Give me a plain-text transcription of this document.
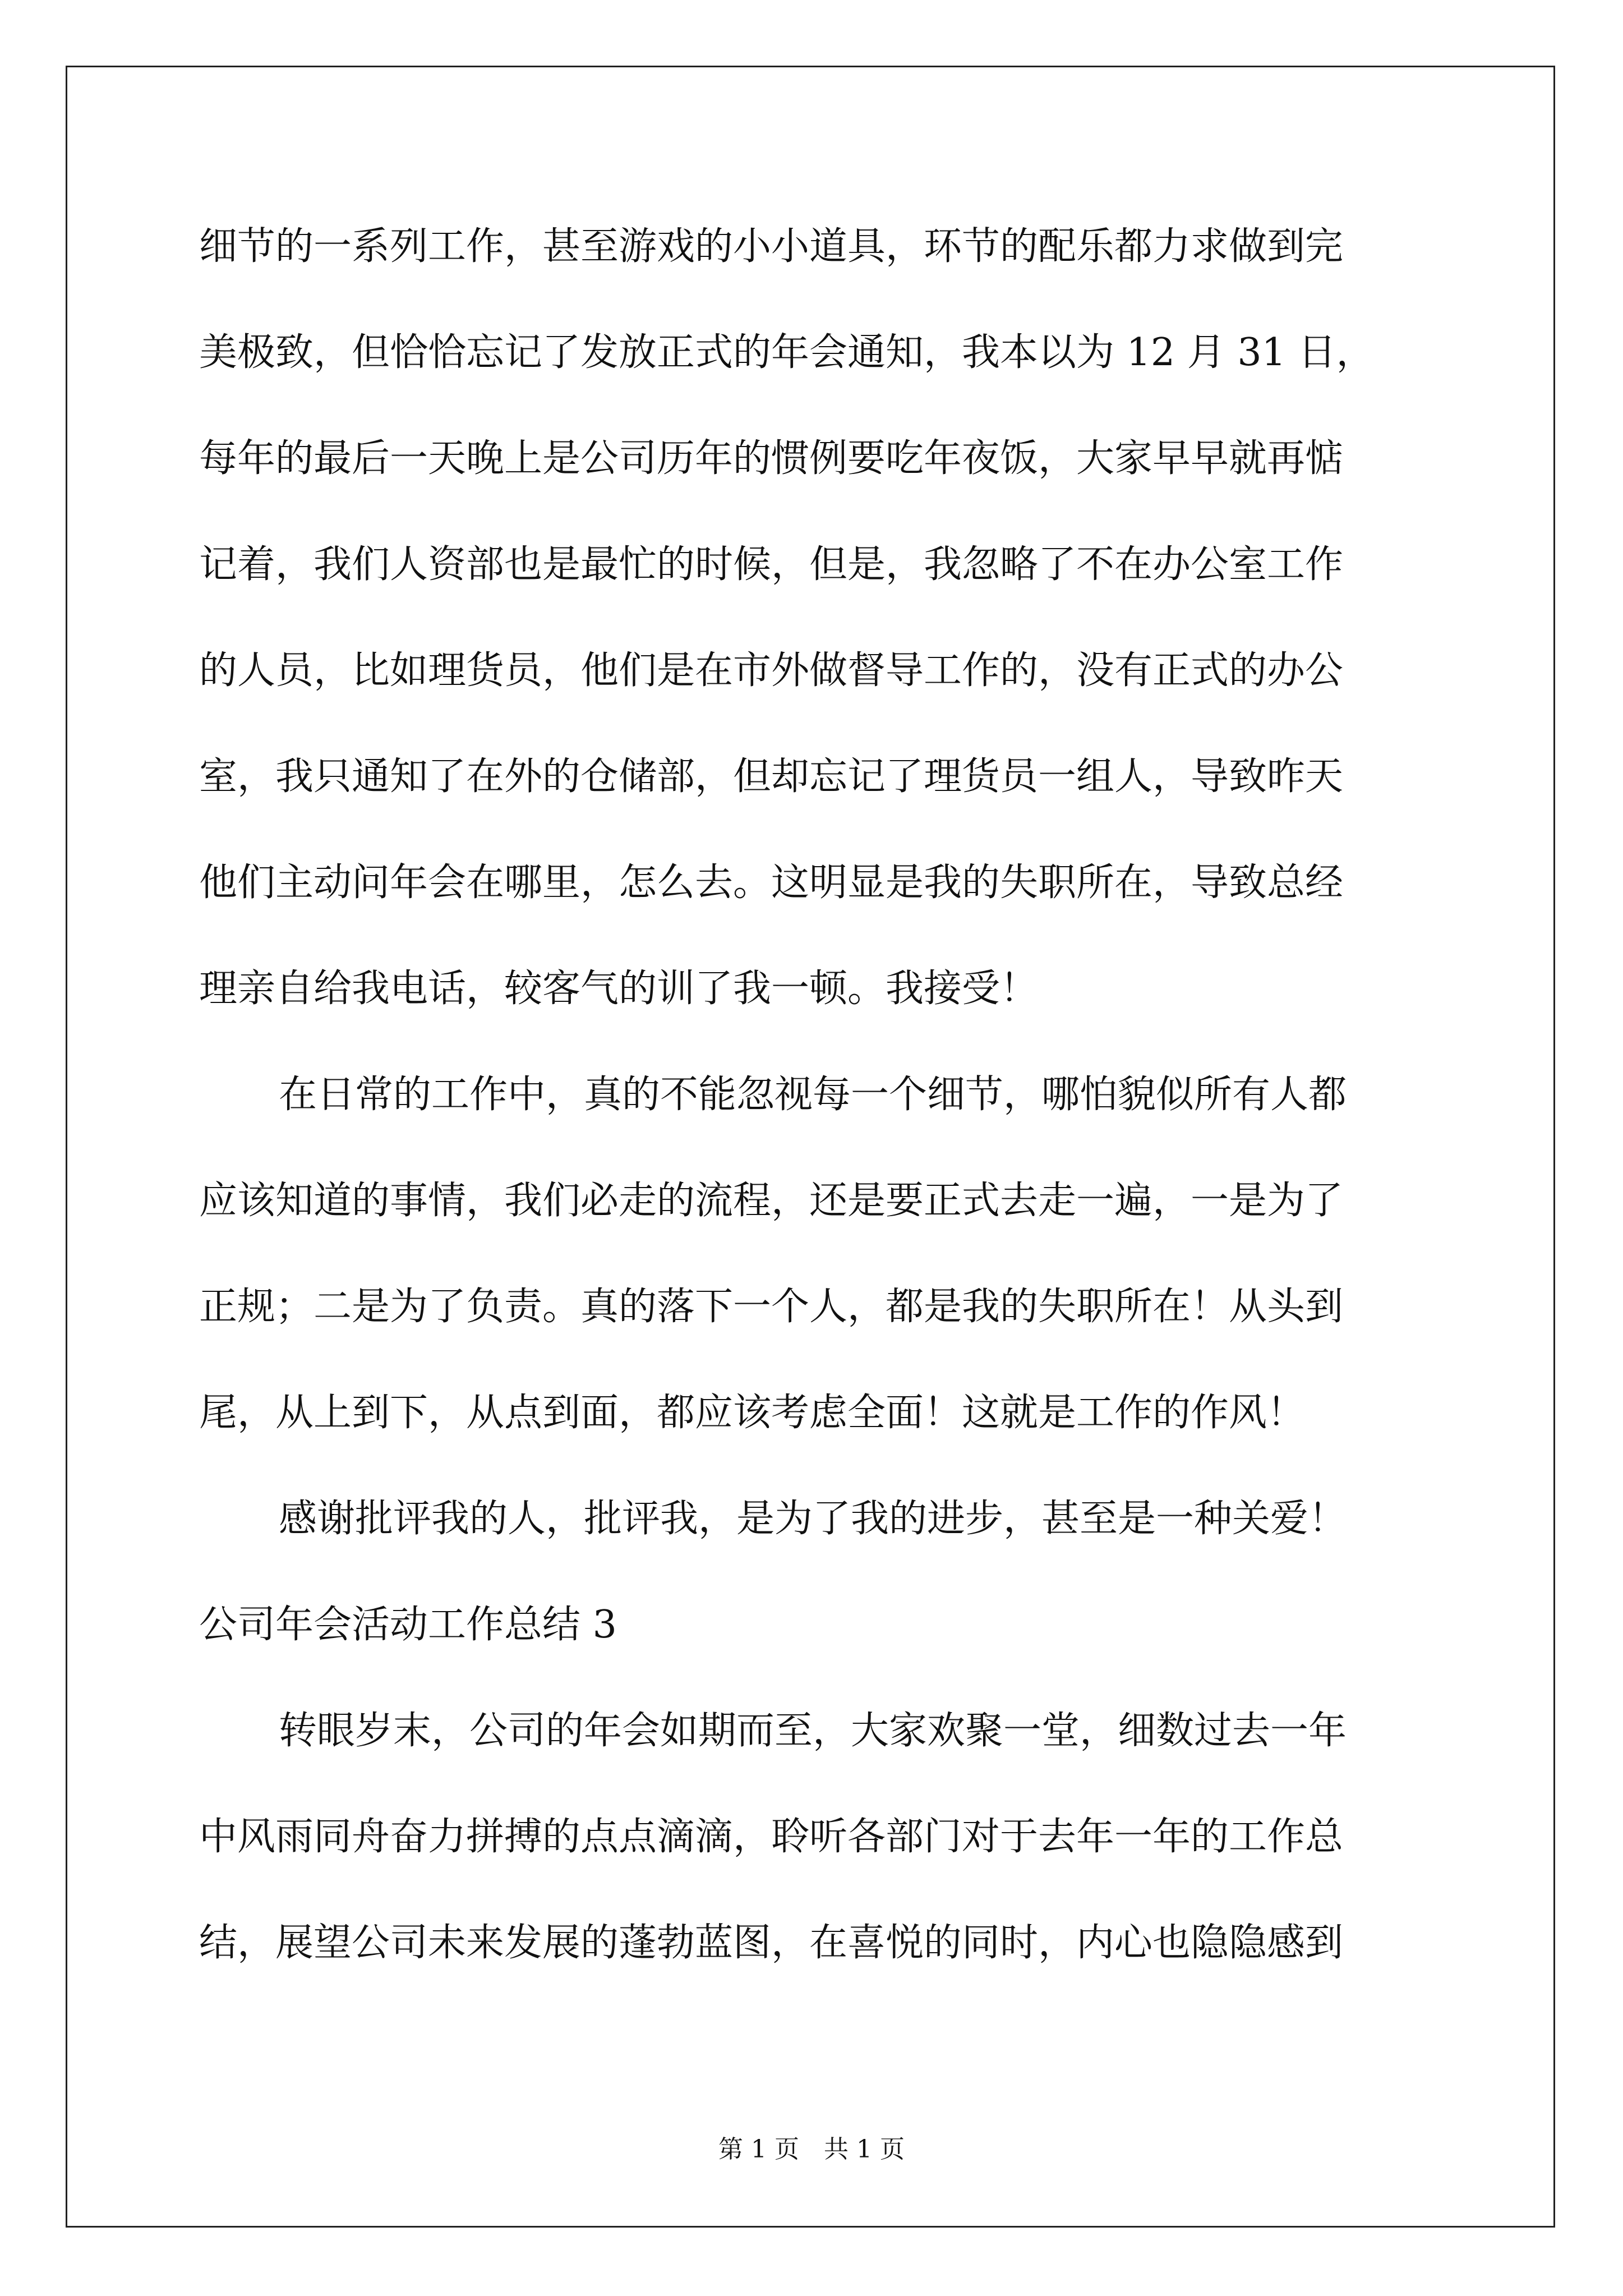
细节的一系列工作，甚至游戏的小小道具，环节的配乐都力求做到完
美极致，但恰恰忘记了发放正式的年会通知，我本以为 12 月 31 日，
每年的最后一天晚上是公司历年的惯例要吃年夜饭，大家早早就再惦
记着，我们人资部也是最忙的时候，但是，我忽略了不在办公室工作
的人员，比如理货员，他们是在市外做督导工作的，没有正式的办公
室，我只通知了在外的仓储部，但却忘记了理货员一组人，导致昨天
他们主动问年会在哪里，怎么去。这明显是我的失职所在，导致总经
理亲自给我电话，较客气的训了我一顿。我接受！
在日常的工作中，真的不能忽视每一个细节，哪怕貌似所有人都
应该知道的事情，我们必走的流程，还是要正式去走一遍，一是为了
正规；二是为了负责。真的落下一个人，都是我的失职所在！从头到
尾，从上到下，从点到面，都应该考虑全面！这就是工作的作风！
感谢批评我的人，批评我，是为了我的进步，甚至是一种关爱！
公司年会活动工作总结 3
转眼岁末，公司的年会如期而至，大家欢聚一堂，细数过去一年
中风雨同舟奋力拼搏的点点滴滴，聆听各部门对于去年一年的工作总
结，展望公司未来发展的蓬勃蓝图，在喜悦的同时，内心也隐隐感到
第 1 页　共 1 页
